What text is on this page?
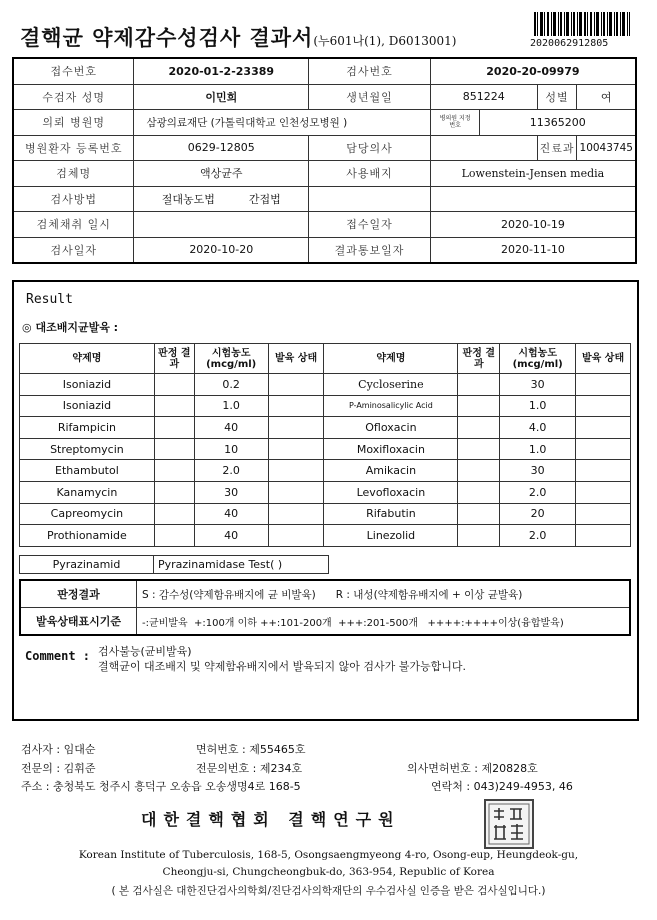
결핵균 약제감수성검사 결과서(누601나(1), D6013001)	2020062912805
접수번호	2020-01-2-23389	검사번호	2020-20-09979			
수검자 성명	이민희	생년월일	851224		성별	여
의뢰 병원명	삼광의료재단 (가톨릭대학교 인천성모병원 )		병의원 지정번호	11365200		
병원환자 등록번호	0629-12805	담당의사			진료과	10043745
검체명	액상균주	사용배지	Lowenstein-Jensen media			
검사방법	절대농도법 간접법					
검체채취 일시		접수일자	2020-10-19			
검사일자	2020-10-20	결과통보일자	2020-11-10			
Result
◎ 대조배지균발육 :
약제명	판정 결과	시험농도 (mcg/ml)	발육 상태	약제명	판정 결과	시험농도 (mcg/ml)	발육 상태
Isoniazid		0.2		Cycloserine		30	
Isoniazid		1.0		P-Aminosalicylic Acid		1.0	
Rifampicin		40		Ofloxacin		4.0	
Streptomycin		10		Moxifloxacin		1.0	
Ethambutol		2.0		Amikacin		30	
Kanamycin		30		Levofloxacin		2.0	
Capreomycin		40		Rifabutin		20	
Prothionamide		40		Linezolid		2.0	
Pyrazinamid	Pyrazinamidase Test( )
판정결과	S : 감수성(약제함유배지에 균 비발육)      R : 내성(약제함유배지에 + 이상 균발육)
발육상태표시기준	-:균비발육  +:100개 이하 ++:101-200개  +++:201-500개   ++++:++++이상(융합발육)
Comment : 검사불능(균비발육)
결핵균이 대조배지 및 약제함유배지에서 발육되지 않아 검사가 불가능합니다.
검사자 : 임대순	면허번호 : 제55465호
전문의 : 김휘준	전문의번호 : 제234호	의사면허번호 : 제20828호
주소 : 충청북도 청주시 흥덕구 오송읍 오송생명4로 168-5	연락처 : 043)249-4953, 46
대한결핵협회 결핵연구원
Korean Institute of Tuberculosis, 168-5, Osongsaengmyeong 4-ro, Osong-eup, Heungdeok-gu,
Cheongju-si, Chungcheongbuk-do, 363-954, Republic of Korea
( 본 검사실은 대한진단검사의학회/진단검사의학재단의 우수검사실 인증을 받은 검사실입니다.)
